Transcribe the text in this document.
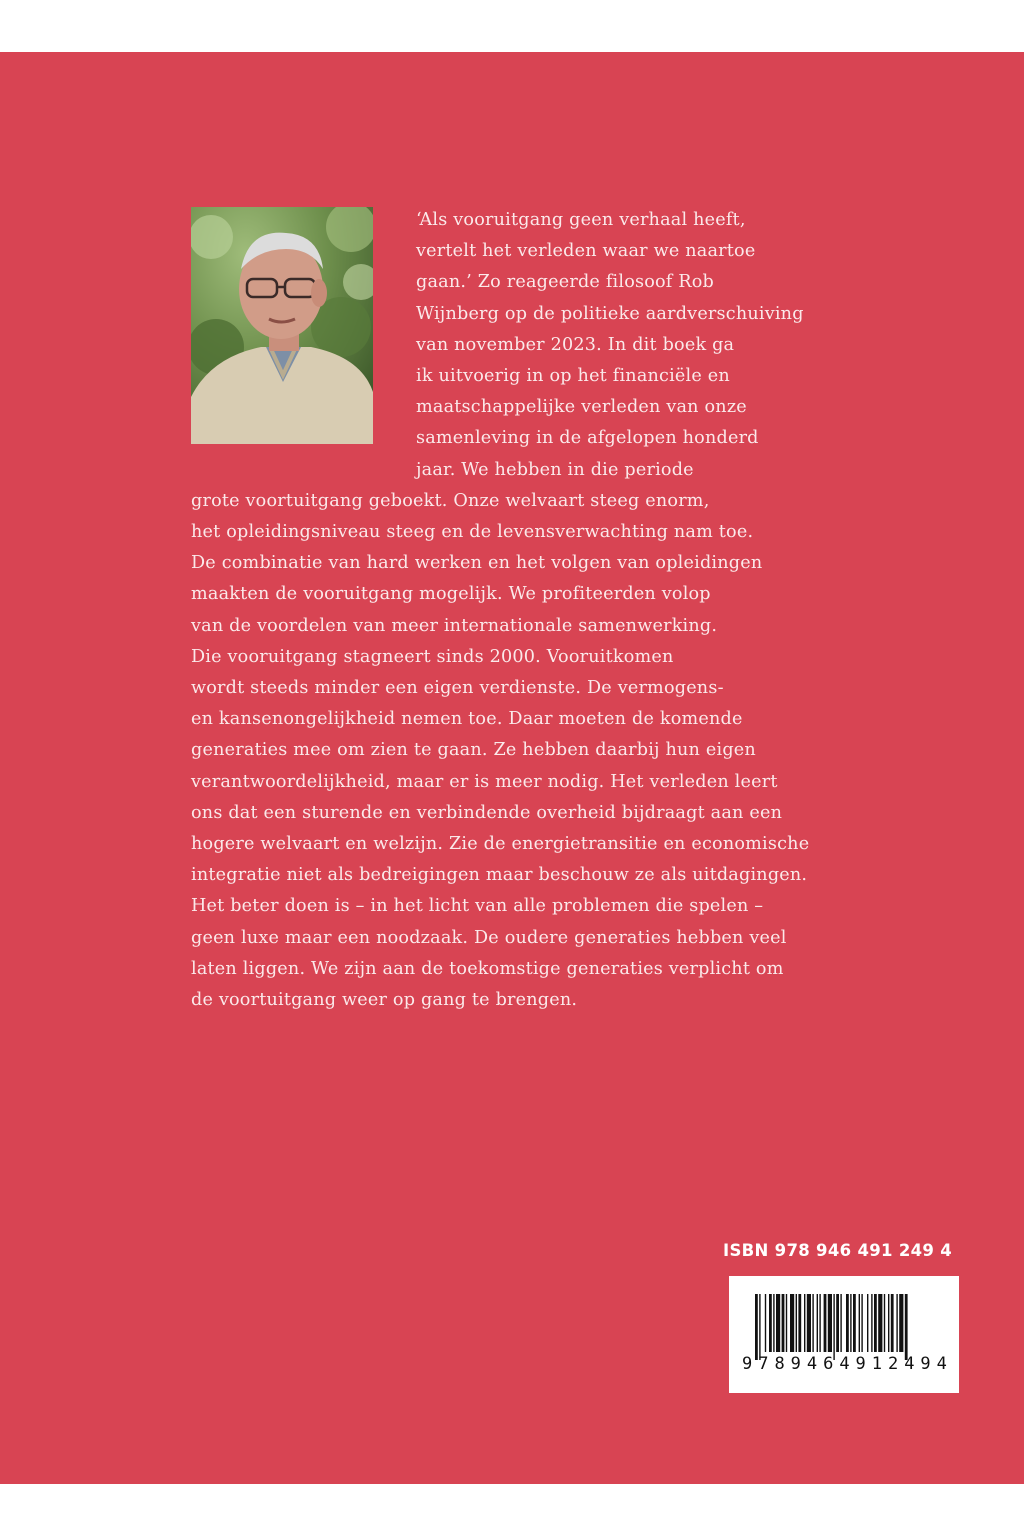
‘Als vooruitgang geen verhaal heeft,
vertelt het verleden waar we naartoe
gaan.’ Zo reageerde filosoof Rob
Wijnberg op de politieke aardverschuiving
van november 2023. In dit boek ga
ik uitvoerig in op het financiële en
maatschappelijke verleden van onze
samenleving in de afgelopen honderd
jaar. We hebben in die periode
grote voortuitgang geboekt. Onze welvaart steeg enorm,
het opleidingsniveau steeg en de levensverwachting nam toe.
De combinatie van hard werken en het volgen van opleidingen
maakten de vooruitgang mogelijk. We profiteerden volop
van de voordelen van meer internationale samenwerking.
Die vooruitgang stagneert sinds 2000. Vooruitkomen
wordt steeds minder een eigen verdienste. De vermogens-
en kansenongelijkheid nemen toe. Daar moeten de komende
generaties mee om zien te gaan. Ze hebben daarbij hun eigen
verantwoordelijkheid, maar er is meer nodig. Het verleden leert
ons dat een sturende en verbindende overheid bijdraagt aan een
hogere welvaart en welzijn. Zie de energietransitie en economische
integratie niet als bedreigingen maar beschouw ze als uitdagingen.
Het beter doen is – in het licht van alle problemen die spelen –
geen luxe maar een noodzaak. De oudere generaties hebben veel
laten liggen. We zijn aan de toekomstige generaties verplicht om
de voortuitgang weer op gang te brengen.
ISBN 978 946 491 249 4
9 7 8 9 4 6 4 9 1 2 4 9 4
